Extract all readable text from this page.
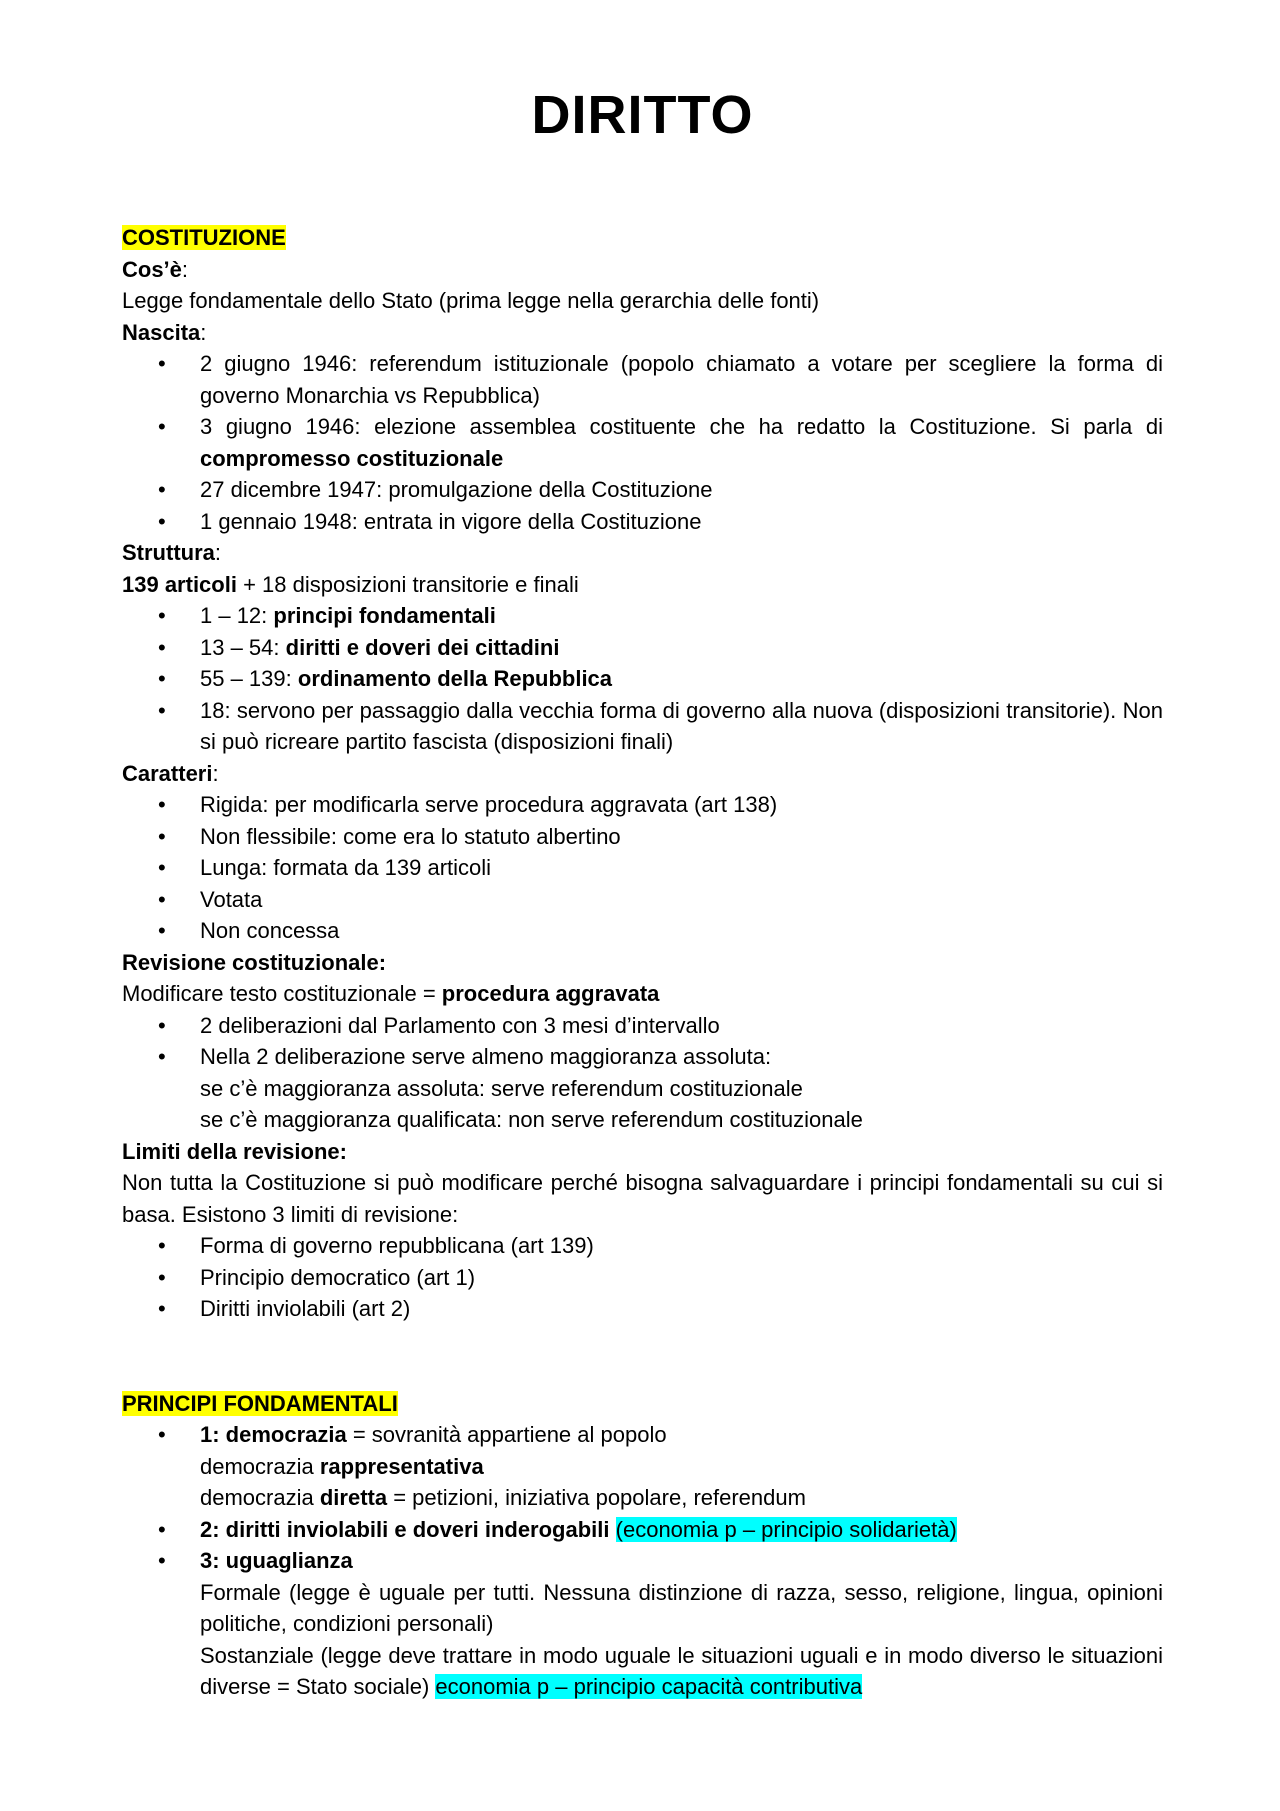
DIRITTO

COSTITUZIONE

Cos’è:

Legge fondamentale dello Stato (prima legge nella gerarchia delle fonti)

Nascita:

• 2 giugno 1946: referendum istituzionale (popolo chiamato a votare per scegliere la forma di governo Monarchia vs Repubblica)
• 3 giugno 1946: elezione assemblea costituente che ha redatto la Costituzione. Si parla di compromesso costituzionale
• 27 dicembre 1947: promulgazione della Costituzione
• 1 gennaio 1948: entrata in vigore della Costituzione

Struttura:

139 articoli + 18 disposizioni transitorie e finali

• 1 – 12: principi fondamentali
• 13 – 54: diritti e doveri dei cittadini
• 55 – 139: ordinamento della Repubblica
• 18: servono per passaggio dalla vecchia forma di governo alla nuova (disposizioni transitorie). Non si può ricreare partito fascista (disposizioni finali)

Caratteri:

• Rigida: per modificarla serve procedura aggravata (art 138)
• Non flessibile: come era lo statuto albertino
• Lunga: formata da 139 articoli
• Votata
• Non concessa

Revisione costituzionale:

Modificare testo costituzionale = procedura aggravata

• 2 deliberazioni dal Parlamento con 3 mesi d’intervallo
• Nella 2 deliberazione serve almeno maggioranza assoluta:
se c’è maggioranza assoluta: serve referendum costituzionale
se c’è maggioranza qualificata: non serve referendum costituzionale

Limiti della revisione:

Non tutta la Costituzione si può modificare perché bisogna salvaguardare i principi fondamentali su cui si basa. Esistono 3 limiti di revisione:

• Forma di governo repubblicana (art 139)
• Principio democratico (art 1)
• Diritti inviolabili (art 2)

PRINCIPI FONDAMENTALI

• 1: democrazia = sovranità appartiene al popolo
democrazia rappresentativa
democrazia diretta = petizioni, iniziativa popolare, referendum
• 2: diritti inviolabili e doveri inderogabili (economia p – principio solidarietà)
• 3: uguaglianza
Formale (legge è uguale per tutti. Nessuna distinzione di razza, sesso, religione, lingua, opinioni politiche, condizioni personali)
Sostanziale (legge deve trattare in modo uguale le situazioni uguali e in modo diverso le situazioni diverse = Stato sociale) economia p – principio capacità contributiva
